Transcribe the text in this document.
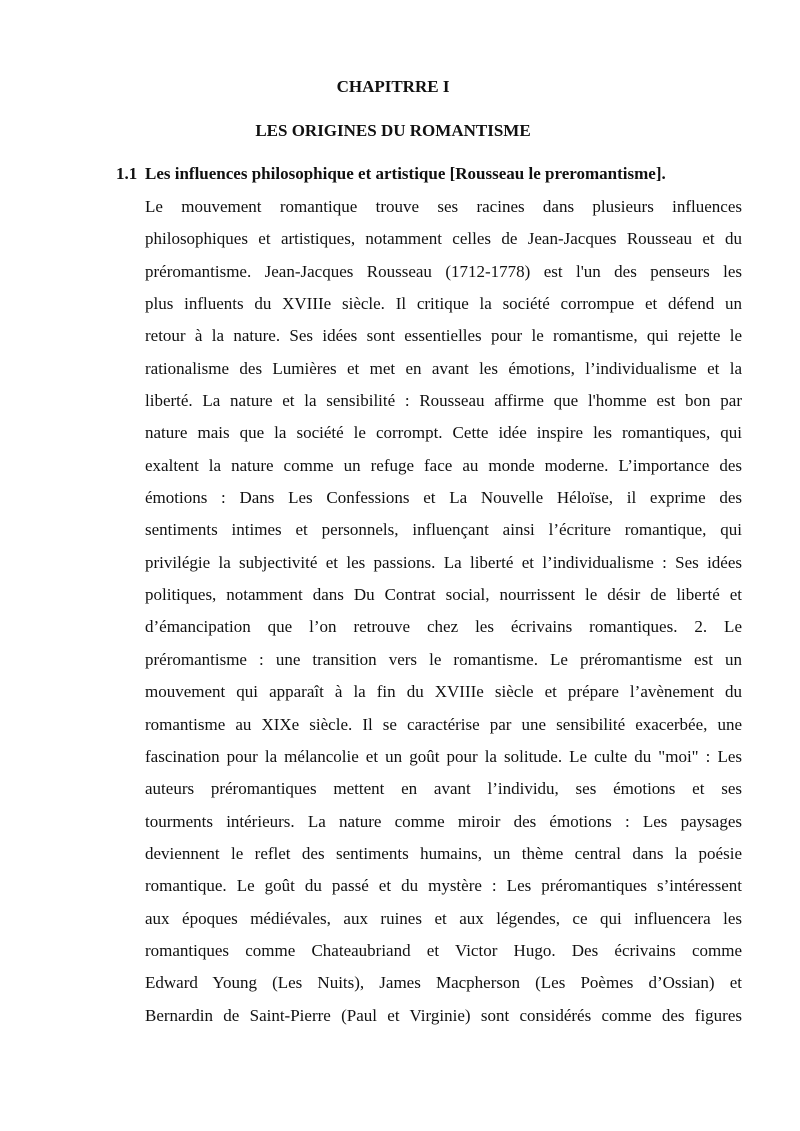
CHAPITRRE I
LES ORIGINES DU ROMANTISME
1.1 Les influences philosophique et artistique [Rousseau le preromantisme].
Le mouvement romantique trouve ses racines dans plusieurs influences
philosophiques et artistiques, notamment celles de Jean-Jacques Rousseau et du
préromantisme. Jean-Jacques Rousseau (1712-1778) est l'un des penseurs les
plus influents du XVIIIe siècle. Il critique la société corrompue et défend un
retour à la nature. Ses idées sont essentielles pour le romantisme, qui rejette le
rationalisme des Lumières et met en avant les émotions, l’individualisme et la
liberté. La nature et la sensibilité : Rousseau affirme que l'homme est bon par
nature mais que la société le corrompt. Cette idée inspire les romantiques, qui
exaltent la nature comme un refuge face au monde moderne. L’importance des
émotions : Dans Les Confessions et La Nouvelle Héloïse, il exprime des
sentiments intimes et personnels, influençant ainsi l’écriture romantique, qui
privilégie la subjectivité et les passions. La liberté et l’individualisme : Ses idées
politiques, notamment dans Du Contrat social, nourrissent le désir de liberté et
d’émancipation que l’on retrouve chez les écrivains romantiques. 2. Le
préromantisme : une transition vers le romantisme. Le préromantisme est un
mouvement qui apparaît à la fin du XVIIIe siècle et prépare l’avènement du
romantisme au XIXe siècle. Il se caractérise par une sensibilité exacerbée, une
fascination pour la mélancolie et un goût pour la solitude. Le culte du "moi" : Les
auteurs préromantiques mettent en avant l’individu, ses émotions et ses
tourments intérieurs. La nature comme miroir des émotions : Les paysages
deviennent le reflet des sentiments humains, un thème central dans la poésie
romantique. Le goût du passé et du mystère : Les préromantiques s’intéressent
aux époques médiévales, aux ruines et aux légendes, ce qui influencera les
romantiques comme Chateaubriand et Victor Hugo. Des écrivains comme
Edward Young (Les Nuits), James Macpherson (Les Poèmes d’Ossian) et
Bernardin de Saint-Pierre (Paul et Virginie) sont considérés comme des figures
